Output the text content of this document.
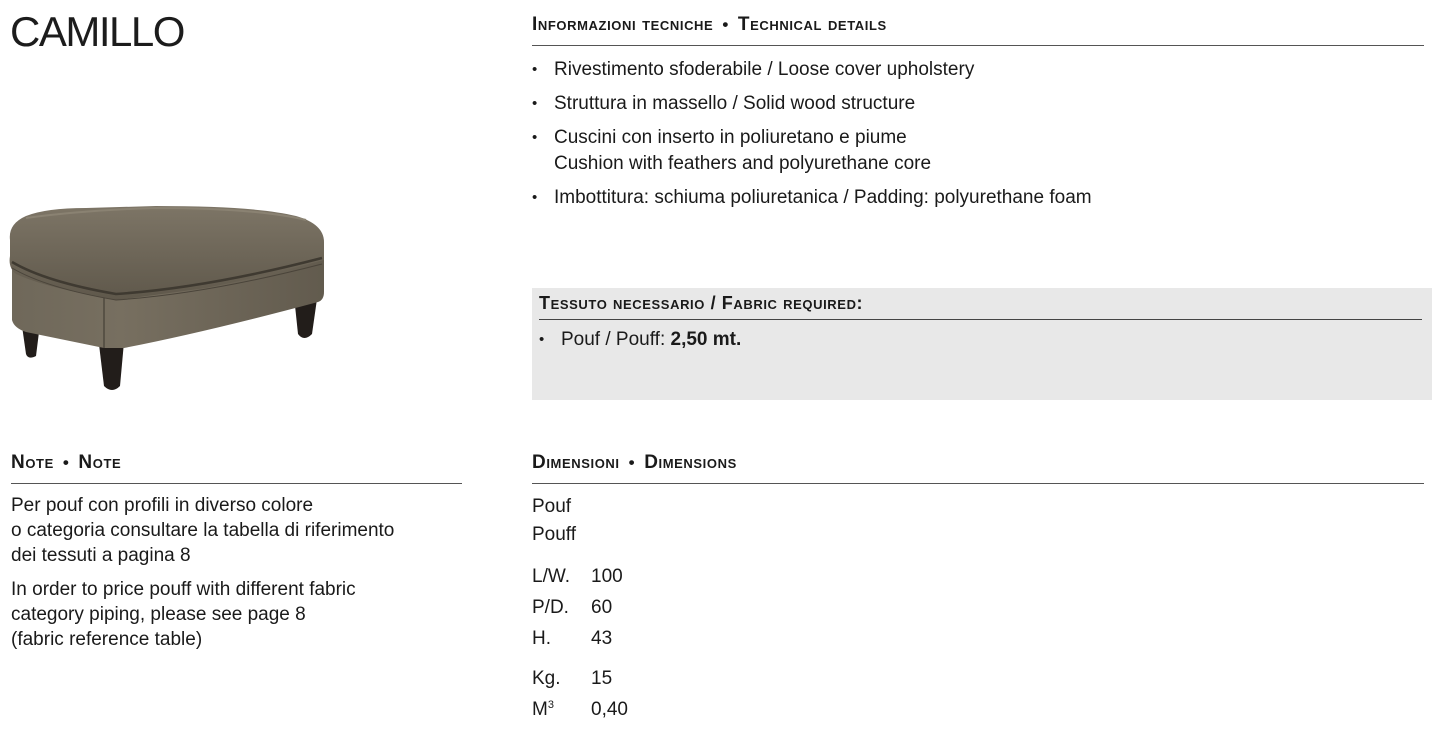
CAMILLO	Informazioni tecniche • Technical details
• Rivestimento sfoderabile / Loose cover upholstery
• Struttura in massello / Solid wood structure
• Cuscini con inserto in poliuretano e piume
Cushion with feathers and polyurethane core
• Imbottitura: schiuma poliuretanica / Padding: polyurethane foam
Tessuto necessario / Fabric required:
• Pouf / Pouff: 2,50 mt.
Note • Note

Per pouf con profili in diverso colore
o categoria consultare la tabella di riferimento
dei tessuti a pagina 8

In order to price pouff with different fabric
category piping, please see page 8
(fabric reference table)

Dimensioni • Dimensions
Pouf
Pouff
L/W.	100
P/D.	60
H.	43
Kg.	15
$M^3$	0,40
